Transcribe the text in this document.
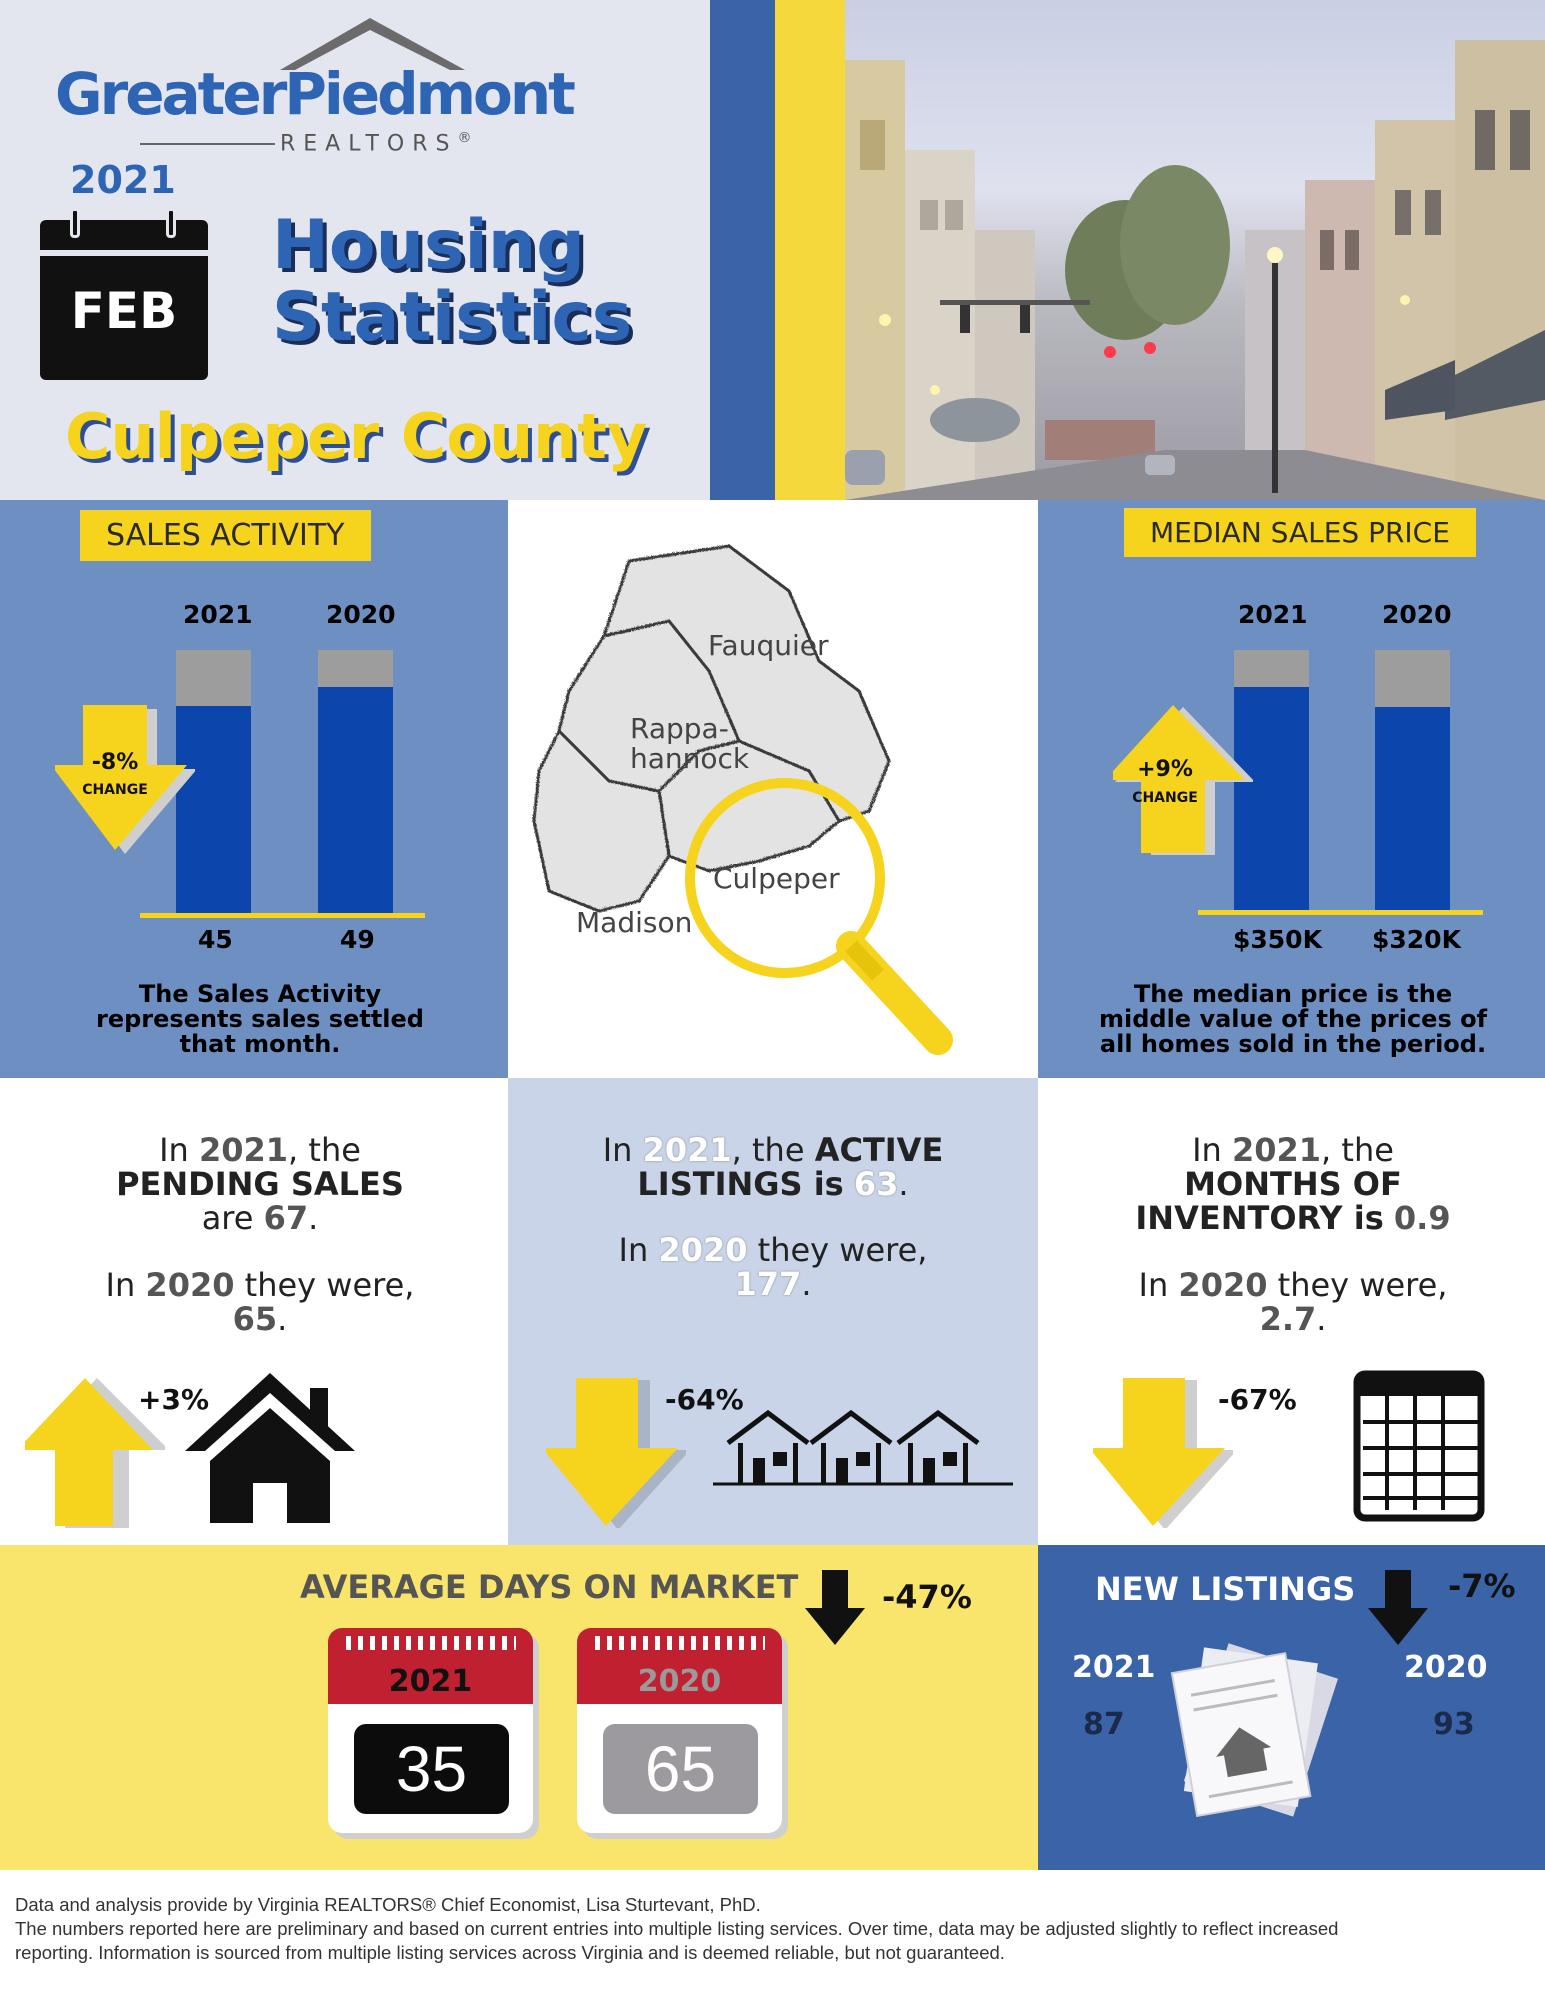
GreaterPiedmont
REALTORS®
2021
FEB
Housing
Statistics
Culpeper County
SALES ACTIVITY
2021	2020
-8%
CHANGE
45	49
The Sales Activity
represents sales settled
that month.
Fauquier
Rappa-
hannock
Culpeper
Madison
MEDIAN SALES PRICE
2021	2020
+9%
CHANGE
$350K $320K
The median price is the
middle value of the prices of
all homes sold in the period.
In 2021, the
PENDING SALES
are 67.
In 2020 they were,
65.
+3%
In 2021, the ACTIVE
LISTINGS is 63.
In 2020 they were,
177.
-64%
In 2021, the
MONTHS OF
INVENTORY is 0.9
In 2020 they were,
2.7.
-67%
AVERAGE DAYS ON MARKET	-47%
2021
35
2020
65
NEW LISTINGS	-7%
2021	2020
87	93
Data and analysis provide by Virginia REALTORS® Chief Economist, Lisa Sturtevant, PhD.
The numbers reported here are preliminary and based on current entries into multiple listing services. Over time, data may be adjusted slightly to reflect increased
reporting. Information is sourced from multiple listing services across Virginia and is deemed reliable, but not guaranteed.
